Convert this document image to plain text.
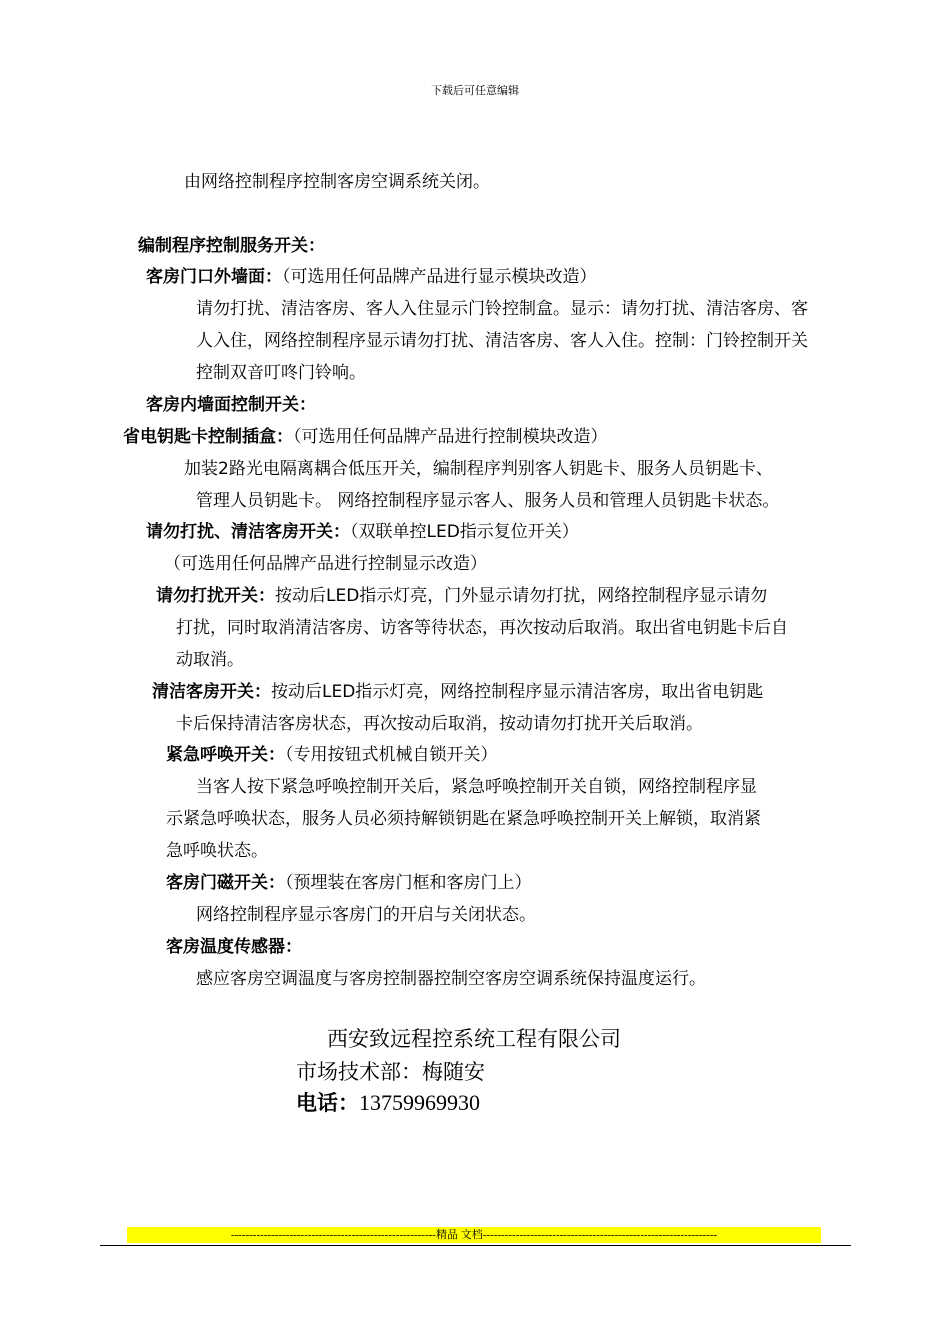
下载后可任意编辑
由网络控制程序控制客房空调系统关闭。
编制程序控制服务开关：
客房门口外墙面：（可选用任何品牌产品进行显示模块改造）
请勿打扰、清洁客房、客人入住显示门铃控制盒。显示：请勿打扰、清洁客房、客
人入住，网络控制程序显示请勿打扰、清洁客房、客人入住。控制：门铃控制开关
控制双音叮咚门铃响。
客房内墙面控制开关：
省电钥匙卡控制插盒：（可选用任何品牌产品进行控制模块改造）
加装2路光电隔离耦合低压开关，编制程序判别客人钥匙卡、服务人员钥匙卡、
管理人员钥匙卡。 网络控制程序显示客人、服务人员和管理人员钥匙卡状态。
请勿打扰、清洁客房开关：（双联单控LED指示复位开关）
（可选用任何品牌产品进行控制显示改造）
请勿打扰开关：按动后LED指示灯亮，门外显示请勿打扰，网络控制程序显示请勿
打扰，同时取消清洁客房、访客等待状态，再次按动后取消。取出省电钥匙卡后自
动取消。
清洁客房开关：按动后LED指示灯亮，网络控制程序显示清洁客房，取出省电钥匙
卡后保持清洁客房状态，再次按动后取消，按动请勿打扰开关后取消。
紧急呼唤开关：（专用按钮式机械自锁开关）
当客人按下紧急呼唤控制开关后，紧急呼唤控制开关自锁，网络控制程序显
示紧急呼唤状态，服务人员必须持解锁钥匙在紧急呼唤控制开关上解锁，取消紧
急呼唤状态。
客房门磁开关：（预埋装在客房门框和客房门上）
网络控制程序显示客房门的开启与关闭状态。
客房温度传感器：
感应客房空调温度与客房控制器控制空客房空调系统保持温度运行。
西安致远程控系统工程有限公司
市场技术部：梅随安
电话：13759969930
--------------------------------------------------------精品 文档----------------------------------------------------------------
